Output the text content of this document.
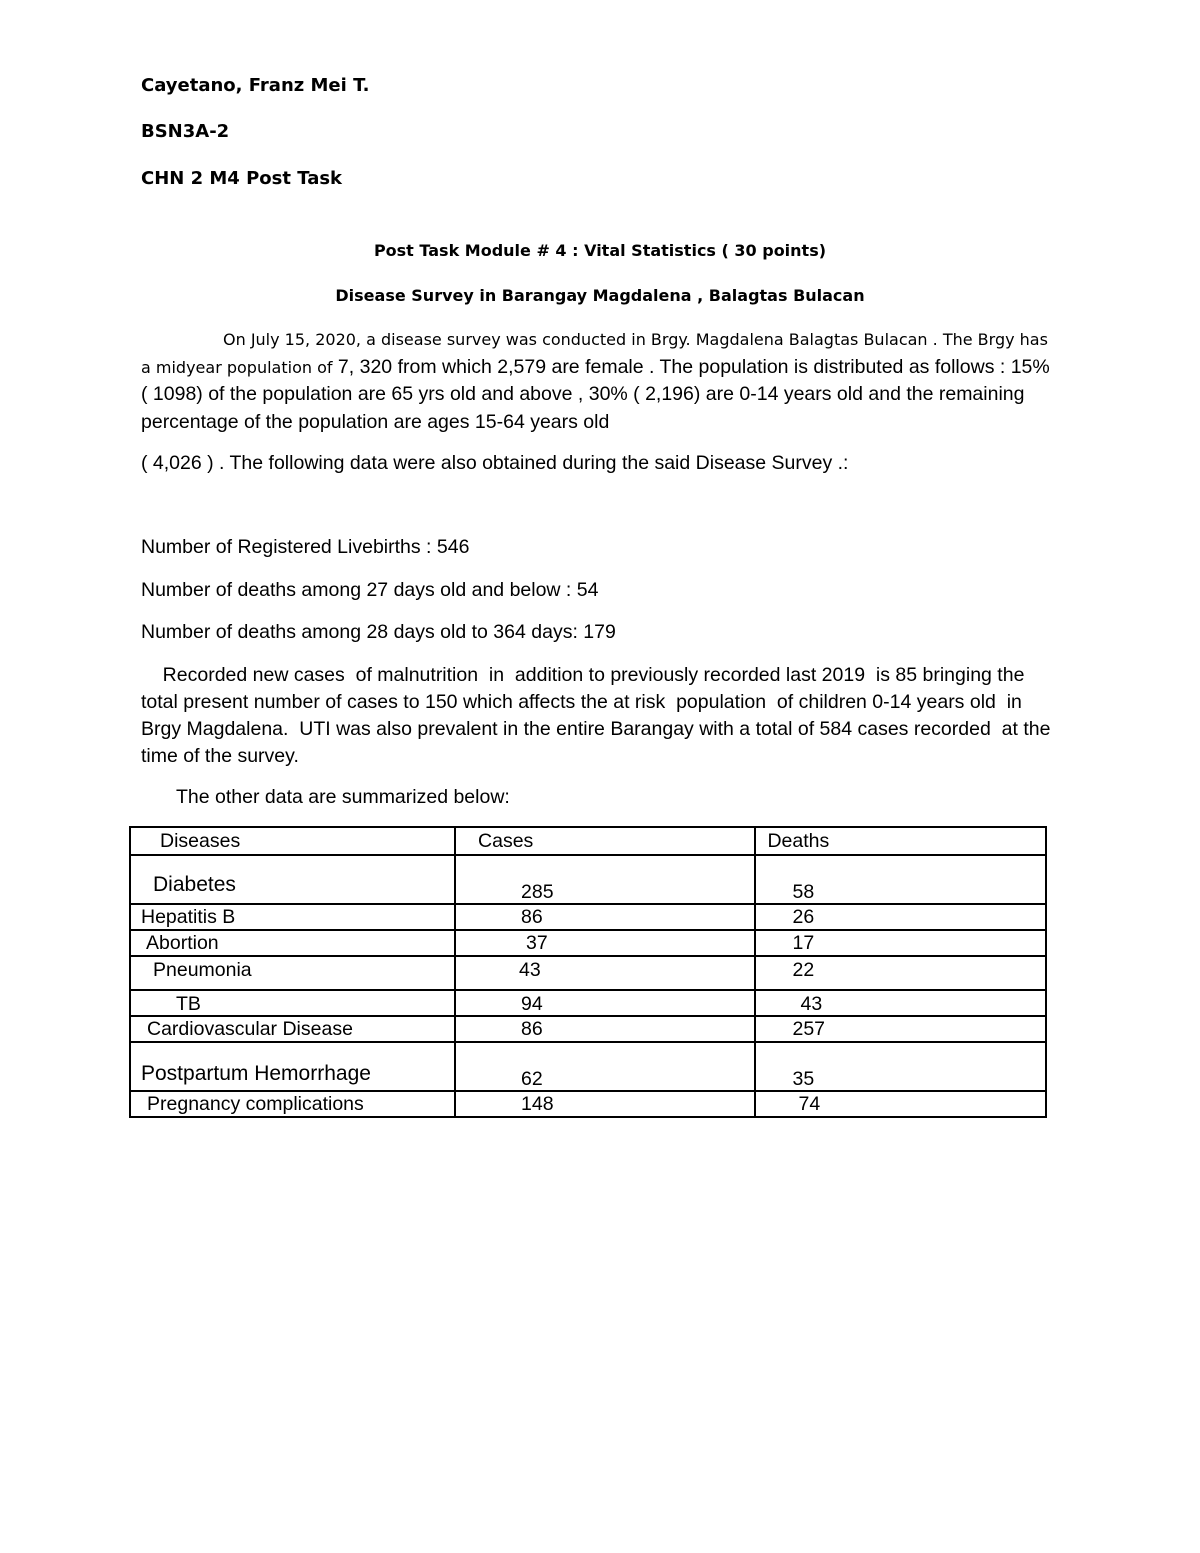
Cayetano, Franz Mei T.
BSN3A-2
CHN 2 M4 Post Task
Post Task Module # 4 : Vital Statistics ( 30 points)
Disease Survey in Barangay Magdalena , Balagtas Bulacan
On July 15, 2020, a disease survey was conducted in Brgy. Magdalena Balagtas Bulacan . The Brgy has a midyear population of 7, 320 from which 2,579 are female . The population is distributed as follows : 15% ( 1098) of the population are 65 yrs old and above , 30% ( 2,196) are 0-14 years old and the remaining percentage of the population are ages 15-64 years old
( 4,026 ) . The following data were also obtained during the said Disease Survey .:
Number of Registered Livebirths : 546
Number of deaths among 27 days old and below : 54
Number of deaths among 28 days old to 364 days: 179
Recorded new cases  of malnutrition  in  addition to previously recorded last 2019  is 85 bringing the total present number of cases to 150 which affects the at risk  population  of children 0-14 years old  in Brgy Magdalena.  UTI was also prevalent in the entire Barangay with a total of 584 cases recorded  at the time of the survey.
The other data are summarized below:
Diseases	Cases	Deaths
Diabetes	285	58
Hepatitis B	86	26
Abortion	37	17
Pneumonia	43	22
TB	94	43
Cardiovascular Disease	86	257
Postpartum Hemorrhage	62	35
Pregnancy complications	148	74
